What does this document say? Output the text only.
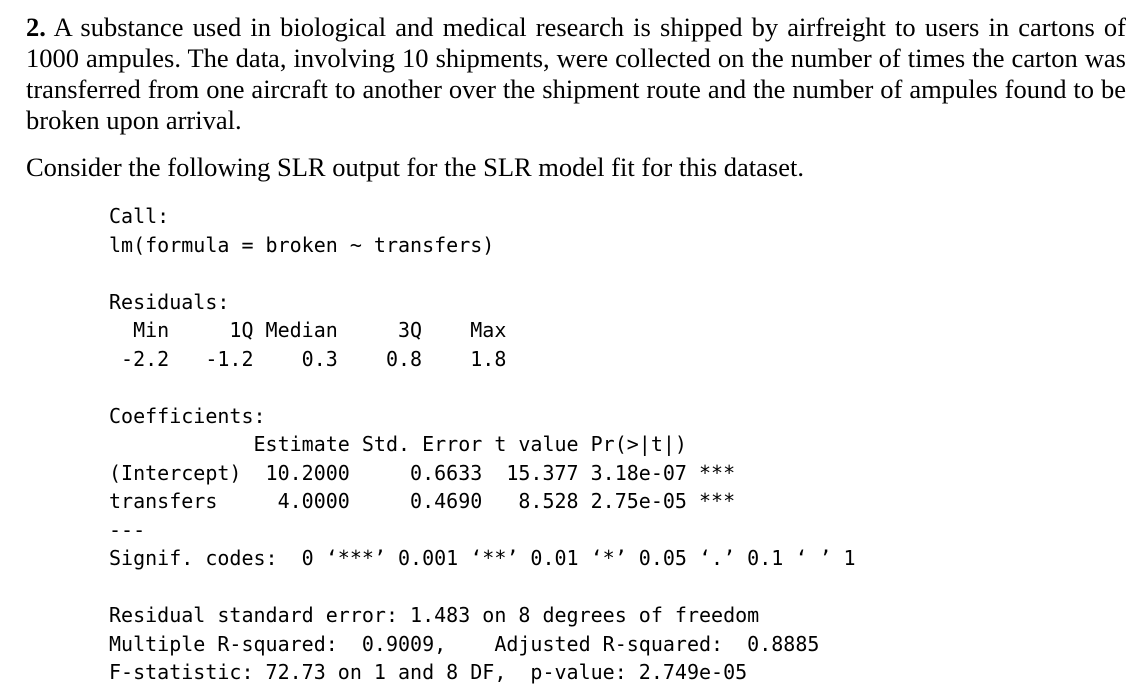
2. A substance used in biological and medical research is shipped by airfreight to users in cartons of 1000 ampules. The data, involving 10 shipments, were collected on the number of times the carton was transferred from one aircraft to another over the shipment route and the number of ampules found to be broken upon arrival.

Consider the following SLR output for the SLR model fit for this dataset.

Call:
lm(formula = broken ~ transfers)
Residuals:
Min     1Q Median     3Q    Max
-2.2   -1.2    0.3    0.8    1.8
Coefficients:
Estimate Std. Error t value Pr(>|t|)
(Intercept)  10.2000     0.6633  15.377 3.18e-07 ***
transfers     4.0000     0.4690   8.528 2.75e-05 ***
---
Signif. codes:  0 ‘***’ 0.001 ‘**’ 0.01 ‘*’ 0.05 ‘.’ 0.1 ‘ ’ 1
Residual standard error: 1.483 on 8 degrees of freedom
Multiple R-squared:  0.9009,    Adjusted R-squared:  0.8885
F-statistic: 72.73 on 1 and 8 DF,  p-value: 2.749e-05
